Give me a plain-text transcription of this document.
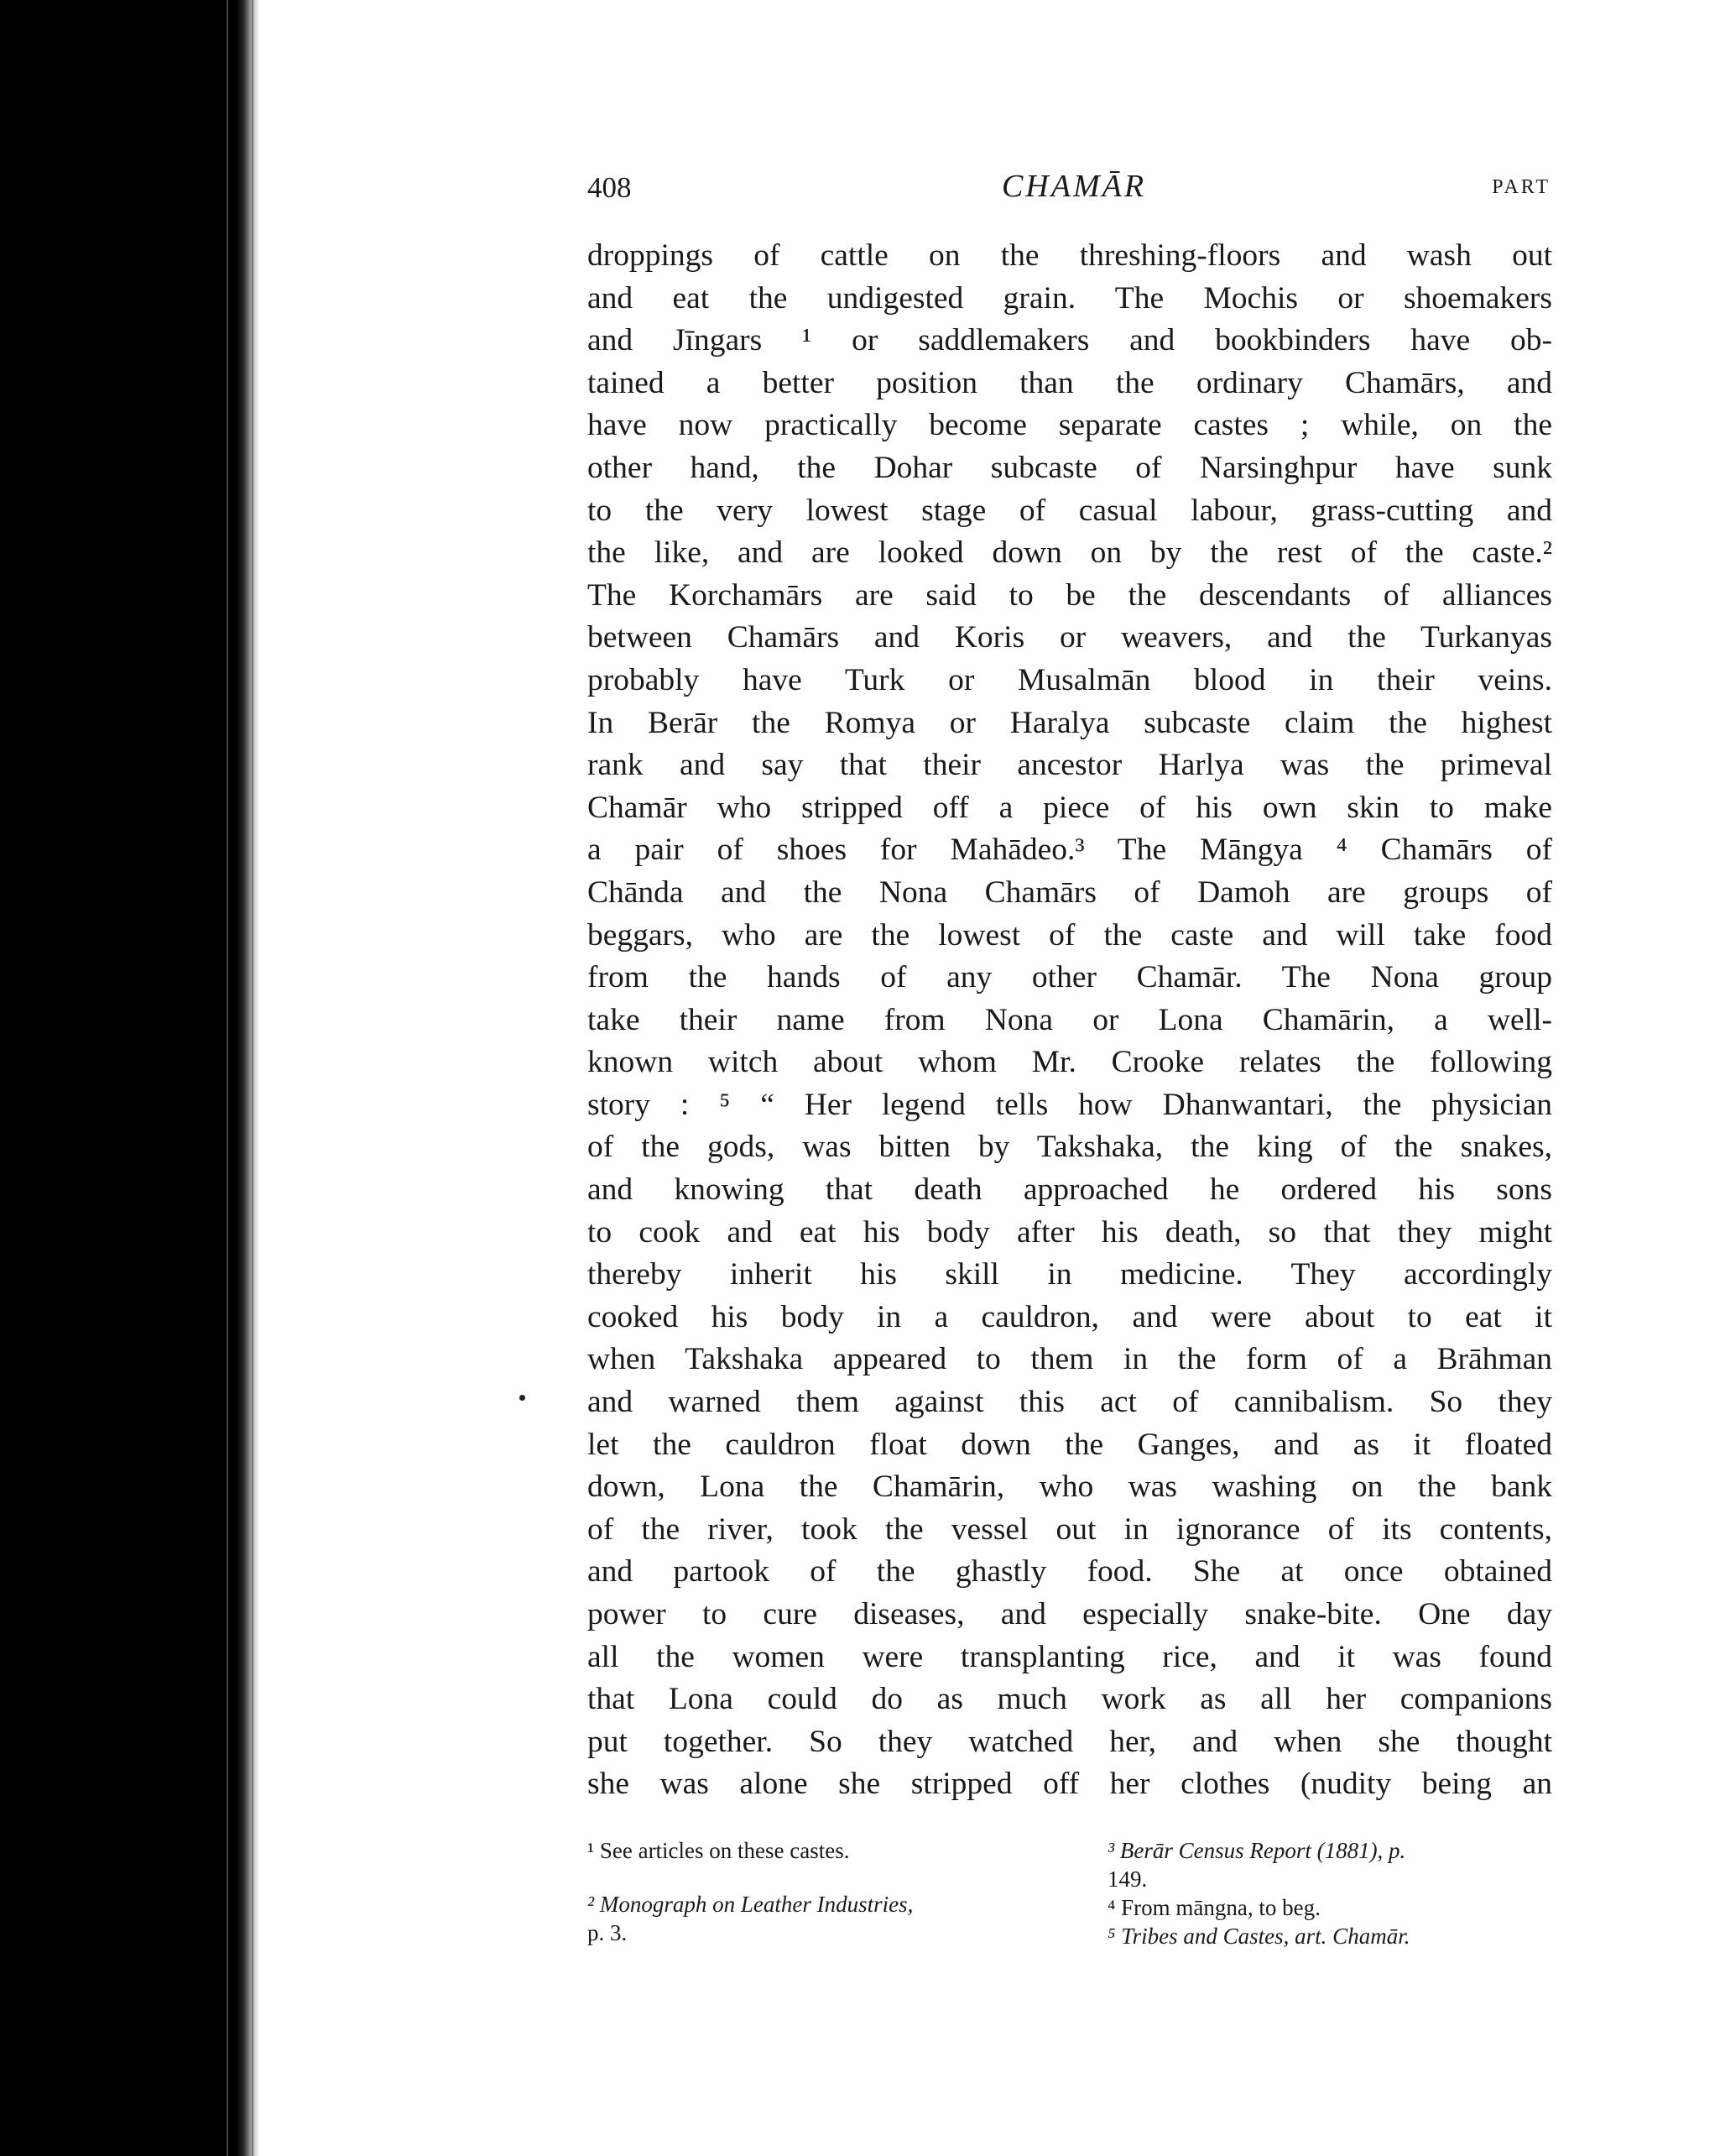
408	CHAMĀR	PART
droppings of cattle on the threshing-floors and wash out
and eat the undigested grain. The Mochis or shoemakers
and Jīngars ¹ or saddlemakers and bookbinders have ob-
tained a better position than the ordinary Chamārs, and
have now practically become separate castes ; while, on the
other hand, the Dohar subcaste of Narsinghpur have sunk
to the very lowest stage of casual labour, grass-cutting and
the like, and are looked down on by the rest of the caste.²
The Korchamārs are said to be the descendants of alliances
between Chamārs and Koris or weavers, and the Turkanyas
probably have Turk or Musalmān blood in their veins.
In Berār the Romya or Haralya subcaste claim the highest
rank and say that their ancestor Harlya was the primeval
Chamār who stripped off a piece of his own skin to make
a pair of shoes for Mahādeo.³ The Māngya ⁴ Chamārs of
Chānda and the Nona Chamārs of Damoh are groups of
beggars, who are the lowest of the caste and will take food
from the hands of any other Chamār. The Nona group
take their name from Nona or Lona Chamārin, a well-
known witch about whom Mr. Crooke relates the following
story : ⁵ “ Her legend tells how Dhanwantari, the physician
of the gods, was bitten by Takshaka, the king of the snakes,
and knowing that death approached he ordered his sons
to cook and eat his body after his death, so that they might
thereby inherit his skill in medicine. They accordingly
cooked his body in a cauldron, and were about to eat it
when Takshaka appeared to them in the form of a Brāhman
and warned them against this act of cannibalism. So they
let the cauldron float down the Ganges, and as it floated
down, Lona the Chamārin, who was washing on the bank
of the river, took the vessel out in ignorance of its contents,
and partook of the ghastly food. She at once obtained
power to cure diseases, and especially snake-bite. One day
all the women were transplanting rice, and it was found
that Lona could do as much work as all her companions
put together. So they watched her, and when she thought
she was alone she stripped off her clothes (nudity being an
¹ See articles on these castes.
² Monograph on Leather Industries,
p. 3.
³ Berār Census Report (1881), p.
149.
⁴ From māngna, to beg.
⁵ Tribes and Castes, art. Chamār.
